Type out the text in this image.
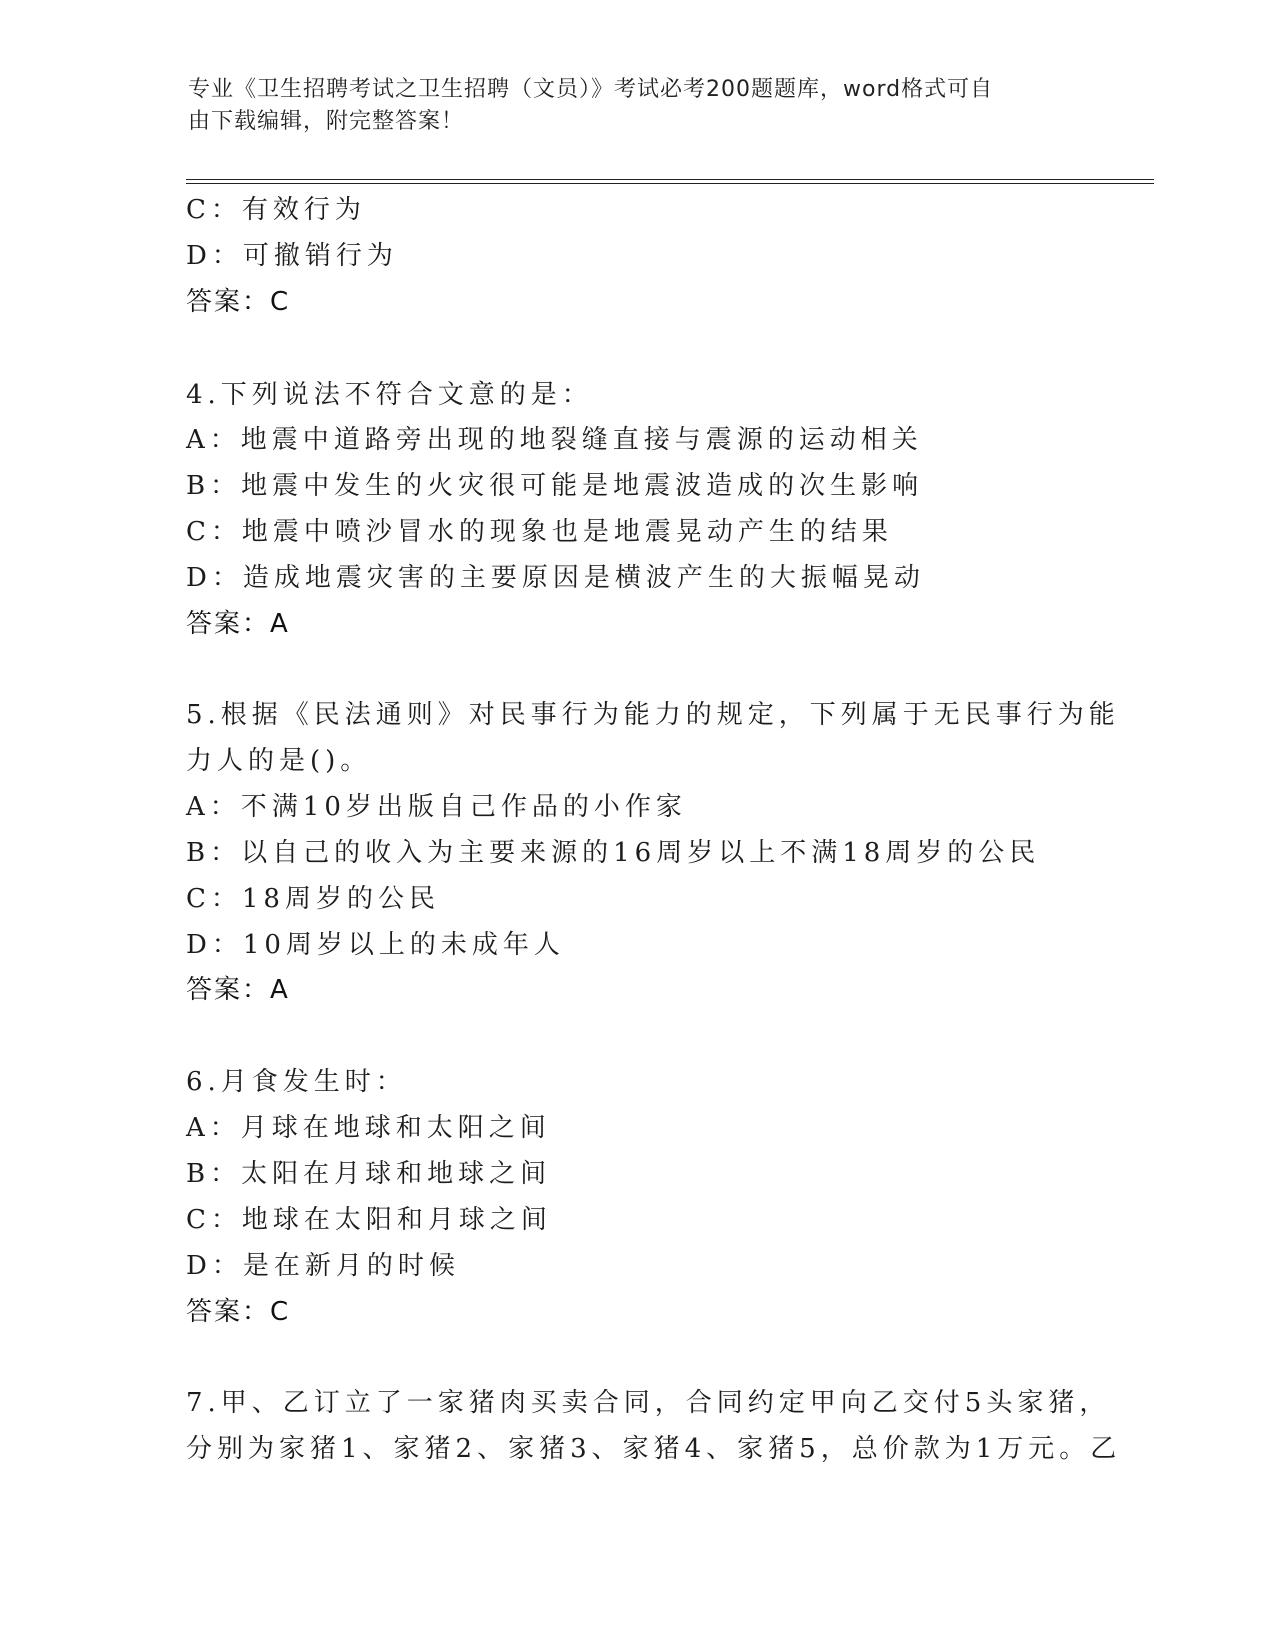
专业《卫生招聘考试之卫生招聘（文员）》考试必考200题题库，word格式可自
由下载编辑，附完整答案！
C：有效行为
D：可撤销行为
答案：C
4.下列说法不符合文意的是：
A：地震中道路旁出现的地裂缝直接与震源的运动相关
B：地震中发生的火灾很可能是地震波造成的次生影响
C：地震中喷沙冒水的现象也是地震晃动产生的结果
D：造成地震灾害的主要原因是横波产生的大振幅晃动
答案：A
5.根据《民法通则》对民事行为能力的规定，下列属于无民事行为能
力人的是()。
A：不满10岁出版自己作品的小作家
B：以自己的收入为主要来源的16周岁以上不满18周岁的公民
C：18周岁的公民
D：10周岁以上的未成年人
答案：A
6.月食发生时：
A：月球在地球和太阳之间
B：太阳在月球和地球之间
C：地球在太阳和月球之间
D：是在新月的时候
答案：C
7.甲、乙订立了一家猪肉买卖合同，合同约定甲向乙交付5头家猪，
分别为家猪1、家猪2、家猪3、家猪4、家猪5，总价款为1万元。乙
